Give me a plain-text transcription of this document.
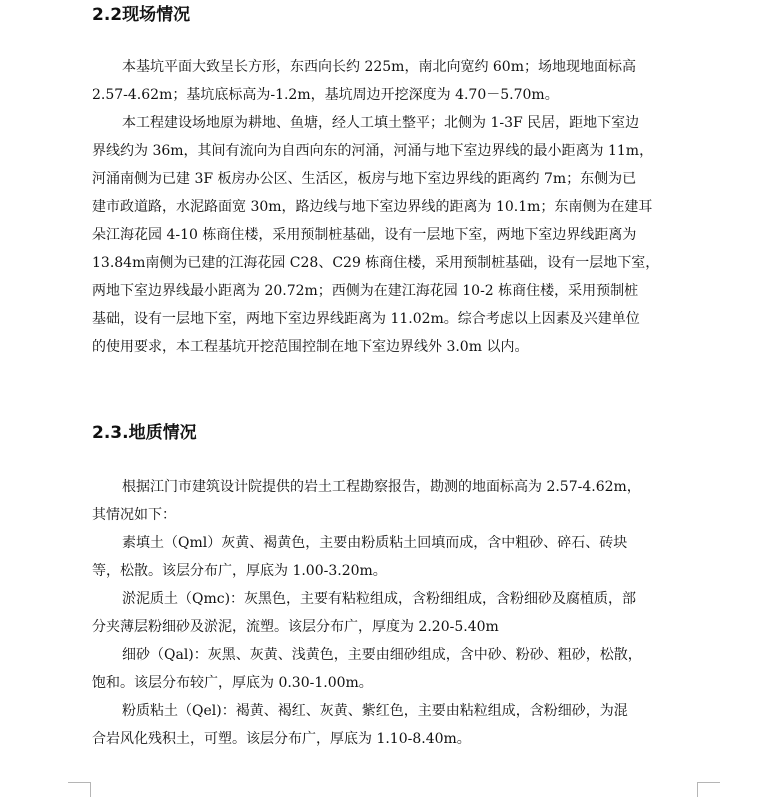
2.2现场情况
本基坑平面大致呈长方形，东西向长约 225m，南北向宽约 60m；场地现地面标高
2.57-4.62m；基坑底标高为-1.2m，基坑周边开挖深度为 4.70－5.70m。
本工程建设场地原为耕地、鱼塘，经人工填土整平；北侧为 1-3F 民居，距地下室边
界线约为 36m，其间有流向为自西向东的河涌，河涌与地下室边界线的最小距离为 11m，
河涌南侧为已建 3F 板房办公区、生活区，板房与地下室边界线的距离约 7m；东侧为已
建市政道路，水泥路面宽 30m，路边线与地下室边界线的距离为 10.1m；东南侧为在建耳
朵江海花园 4-10 栋商住楼，采用预制桩基础，设有一层地下室，两地下室边界线距离为
13.84m南侧为已建的江海花园 C28、C29 栋商住楼，采用预制桩基础，设有一层地下室，
两地下室边界线最小距离为 20.72m；西侧为在建江海花园 10-2 栋商住楼，采用预制桩
基础，设有一层地下室，两地下室边界线距离为 11.02m。综合考虑以上因素及兴建单位
的使用要求，本工程基坑开挖范围控制在地下室边界线外 3.0m 以内。
2.3.地质情况
根据江门市建筑设计院提供的岩土工程勘察报告，勘测的地面标高为 2.57-4.62m，
其情况如下：
素填土（Qml）灰黄、褐黄色，主要由粉质粘土回填而成，含中粗砂、碎石、砖块
等，松散。该层分布广，厚底为 1.00-3.20m。
淤泥质土（Qmc)：灰黑色，主要有粘粒组成，含粉细组成，含粉细砂及腐植质，部
分夹薄层粉细砂及淤泥，流塑。该层分布广，厚度为 2.20-5.40m
细砂（Qal)：灰黑、灰黄、浅黄色，主要由细砂组成，含中砂、粉砂、粗砂，松散，
饱和。该层分布较广，厚底为 0.30-1.00m。
粉质粘土（Qel)：褐黄、褐红、灰黄、紫红色，主要由粘粒组成，含粉细砂，为混
合岩风化残积土，可塑。该层分布广，厚底为 1.10-8.40m。
